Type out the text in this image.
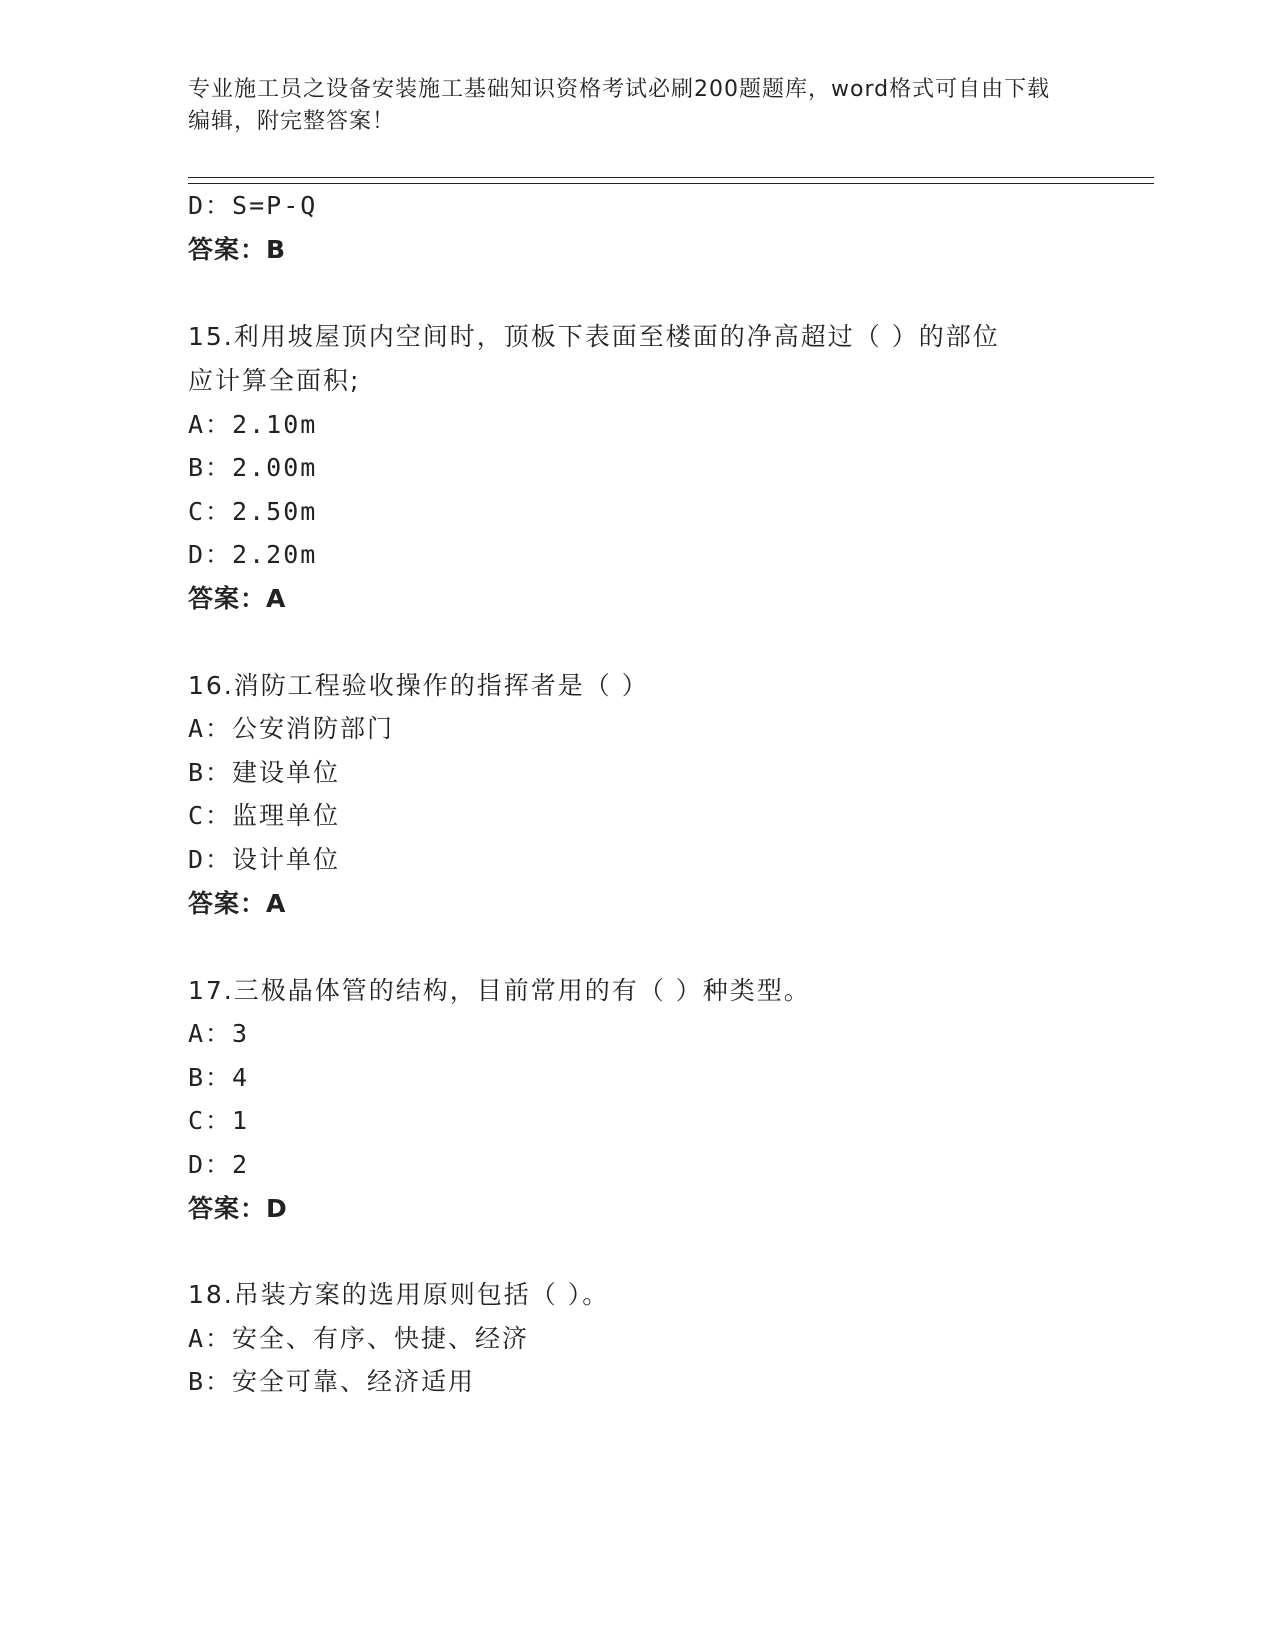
专业施工员之设备安装施工基础知识资格考试必刷200题题库，word格式可自由下载编辑，附完整答案！
D：S=P-Q
答案：B
15.利用坡屋顶内空间时，顶板下表面至楼面的净高超过（ ）的部位
应计算全面积;
A：2.10m
B：2.00m
C：2.50m
D：2.20m
答案：A
16.消防工程验收操作的指挥者是（ ）
A：公安消防部门
B：建设单位
C：监理单位
D：设计单位
答案：A
17.三极晶体管的结构，目前常用的有（ ）种类型。
A：3
B：4
C：1
D：2
答案：D
18.吊装方案的选用原则包括（ ）。
A：安全、有序、快捷、经济
B：安全可靠、经济适用
